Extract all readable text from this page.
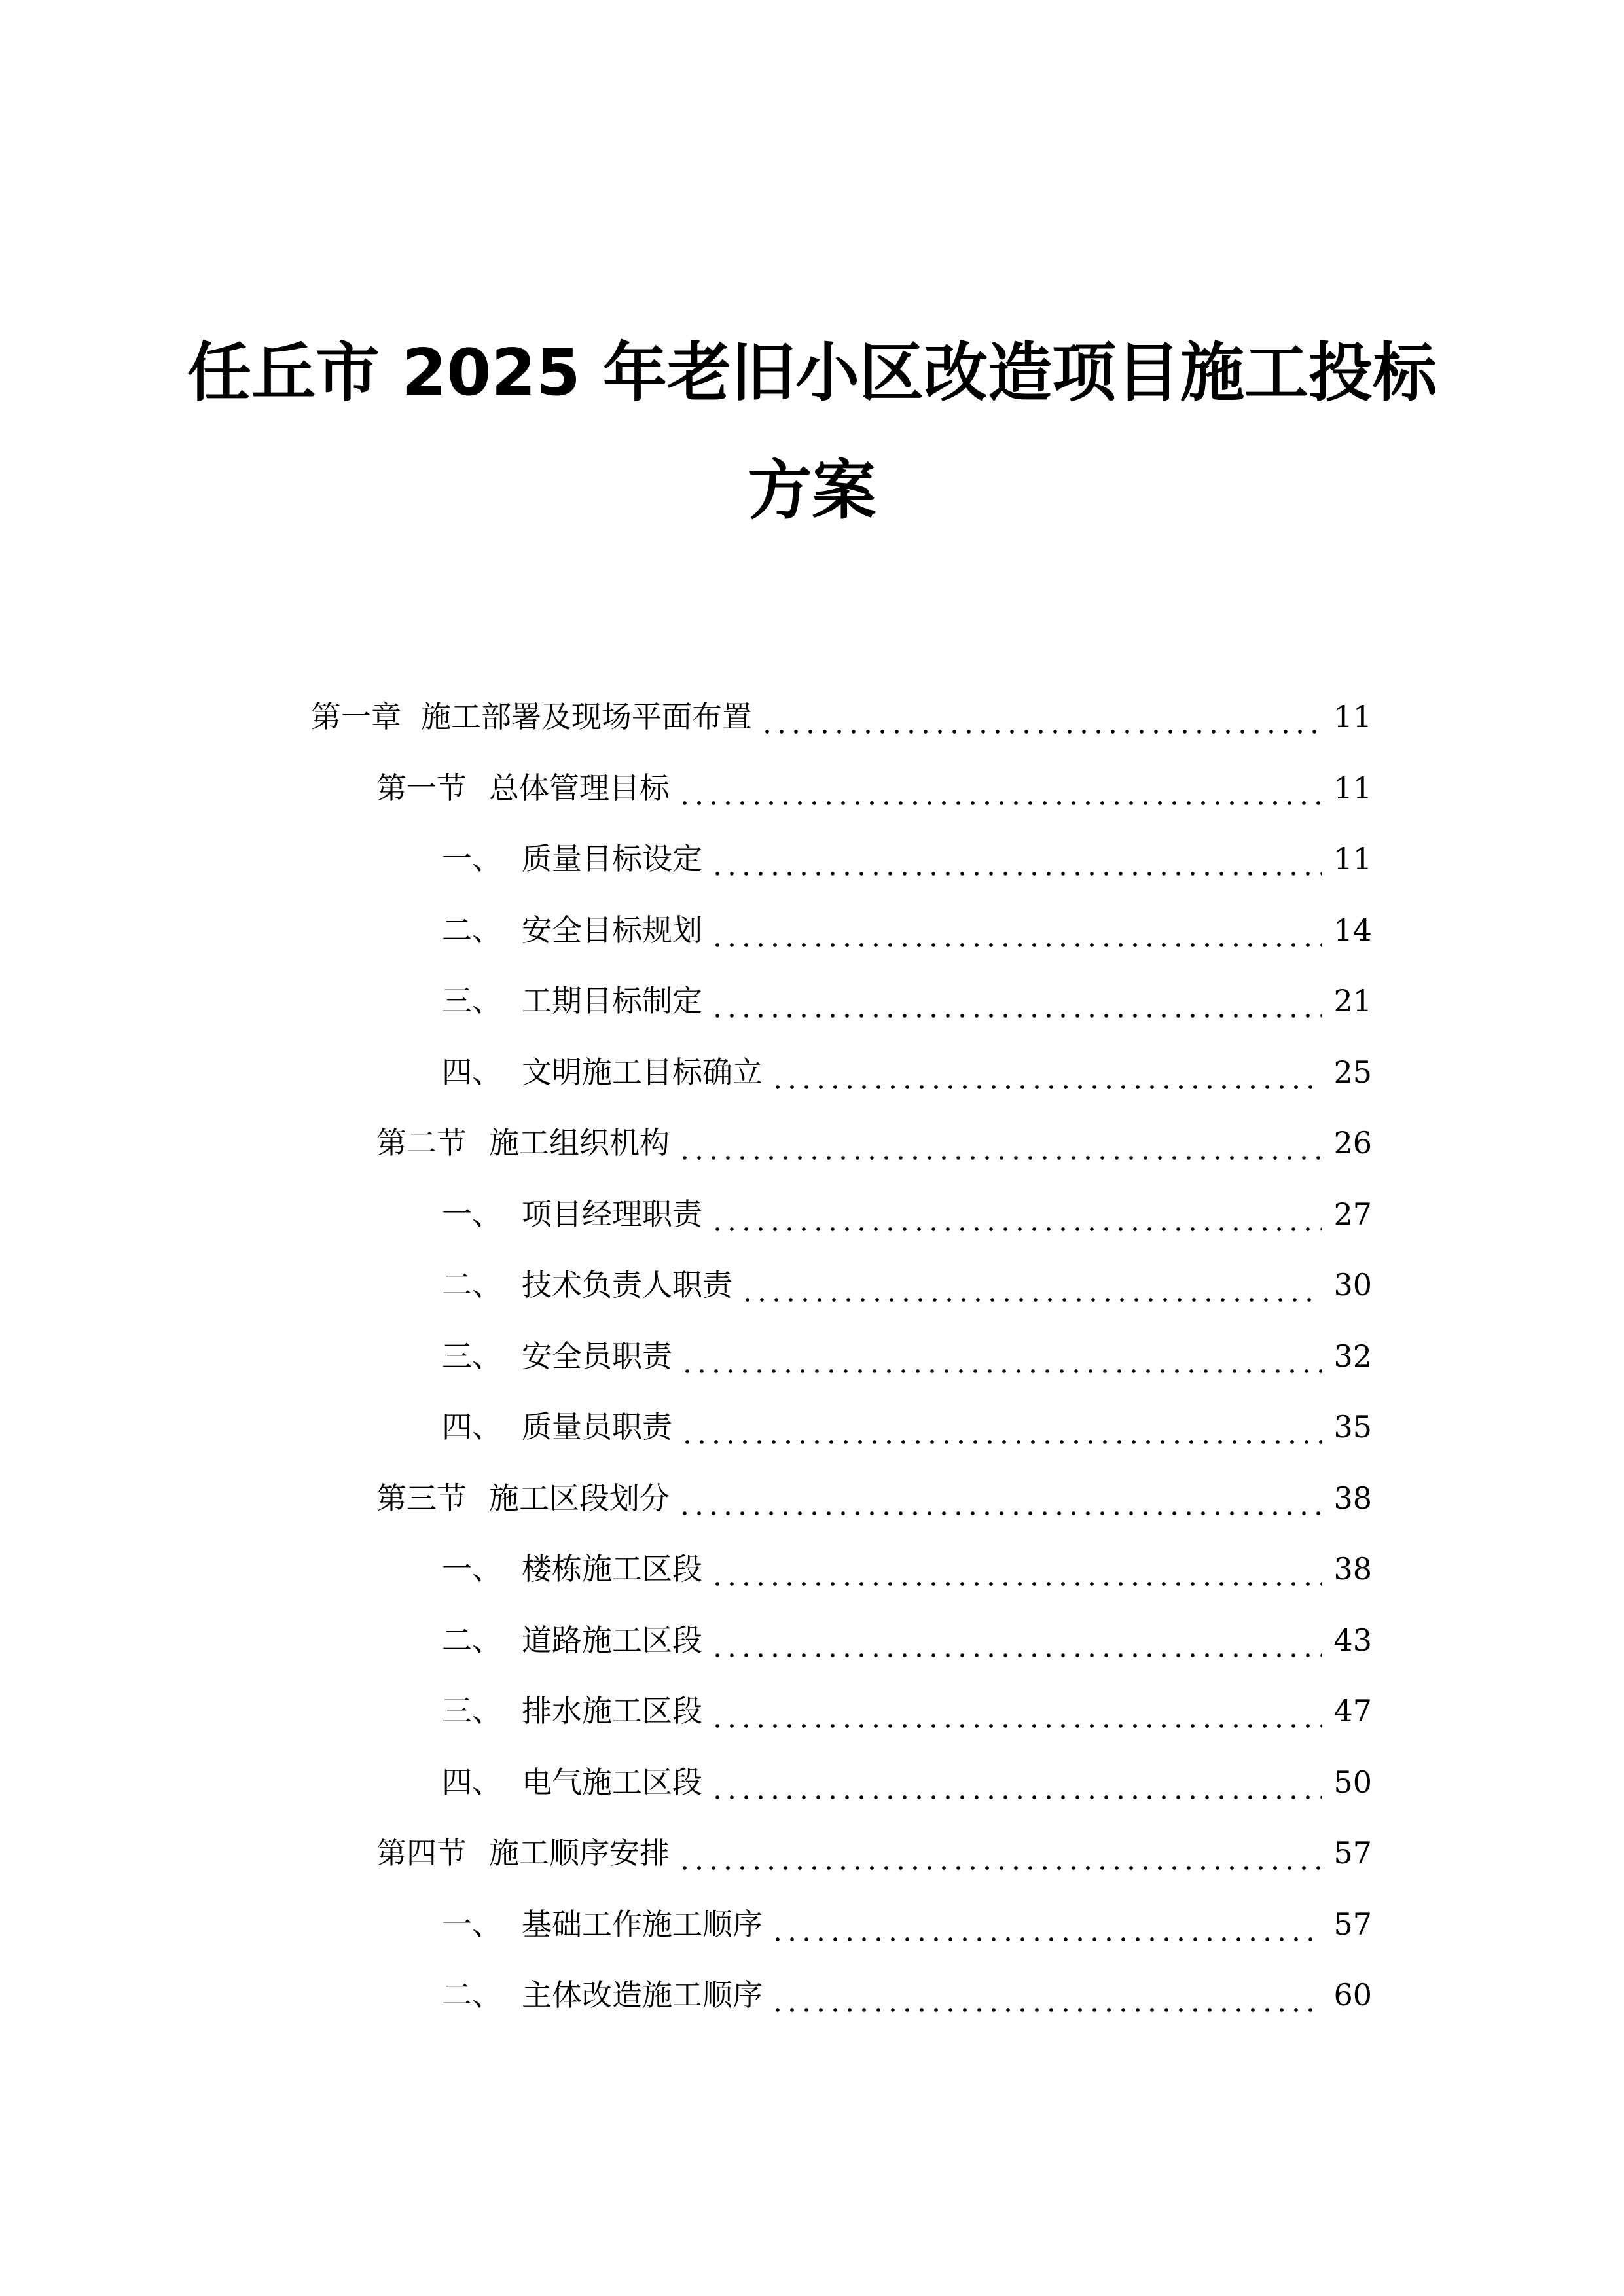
任丘市 2025 年老旧小区改造项目施工投标
方案
第一章 施工部署及现场平面布置	11
第一节 总体管理目标	11
一、 质量目标设定	11
二、 安全目标规划	14
三、 工期目标制定	21
四、 文明施工目标确立	25
第二节 施工组织机构	26
一、 项目经理职责	27
二、 技术负责人职责	30
三、 安全员职责	32
四、 质量员职责	35
第三节 施工区段划分	38
一、 楼栋施工区段	38
二、 道路施工区段	43
三、 排水施工区段	47
四、 电气施工区段	50
第四节 施工顺序安排	57
一、 基础工作施工顺序	57
二、 主体改造施工顺序	60
